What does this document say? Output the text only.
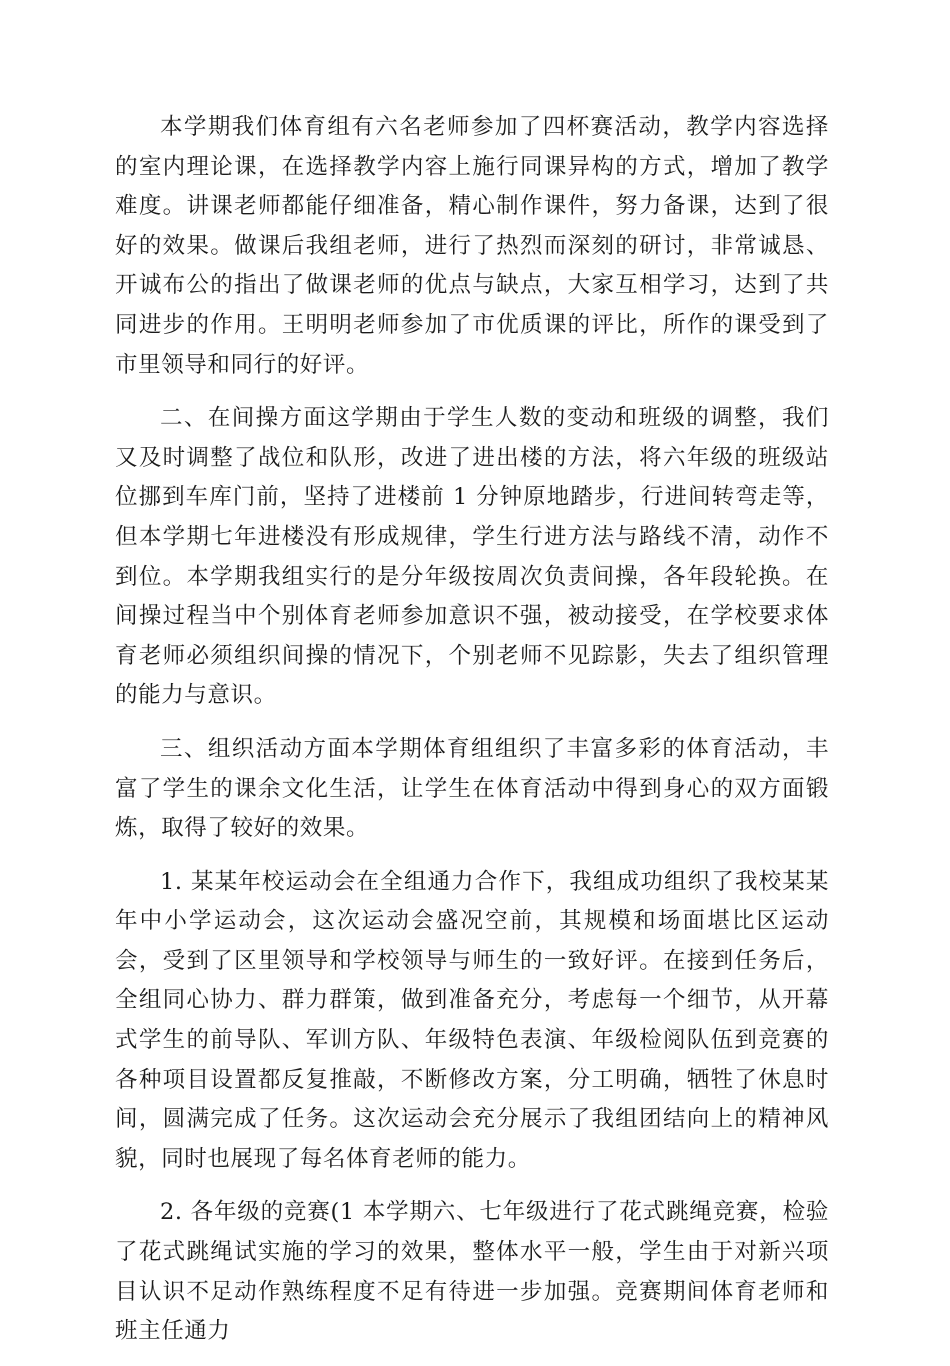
本学期我们体育组有六名老师参加了四杯赛活动，教学内容选择的室内理论课，在选择教学内容上施行同课异构的方式，增加了教学难度。讲课老师都能仔细准备，精心制作课件，努力备课，达到了很好的效果。做课后我组老师，进行了热烈而深刻的研讨，非常诚恳、开诚布公的指出了做课老师的优点与缺点，大家互相学习，达到了共同进步的作用。王明明老师参加了市优质课的评比，所作的课受到了市里领导和同行的好评。

二、在间操方面这学期由于学生人数的变动和班级的调整，我们又及时调整了战位和队形，改进了进出楼的方法，将六年级的班级站位挪到车库门前，坚持了进楼前 1 分钟原地踏步，行进间转弯走等，但本学期七年进楼没有形成规律，学生行进方法与路线不清，动作不到位。本学期我组实行的是分年级按周次负责间操，各年段轮换。在间操过程当中个别体育老师参加意识不强，被动接受，在学校要求体育老师必须组织间操的情况下，个别老师不见踪影，失去了组织管理的能力与意识。

三、组织活动方面本学期体育组组织了丰富多彩的体育活动，丰富了学生的课余文化生活，让学生在体育活动中得到身心的双方面锻炼，取得了较好的效果。

1. 某某年校运动会在全组通力合作下，我组成功组织了我校某某年中小学运动会，这次运动会盛况空前，其规模和场面堪比区运动会，受到了区里领导和学校领导与师生的一致好评。在接到任务后，全组同心协力、群力群策，做到准备充分，考虑每一个细节，从开幕式学生的前导队、军训方队、年级特色表演、年级检阅队伍到竞赛的各种项目设置都反复推敲，不断修改方案，分工明确，牺牲了休息时间，圆满完成了任务。这次运动会充分展示了我组团结向上的精神风貌，同时也展现了每名体育老师的能力。

2. 各年级的竞赛(1 本学期六、七年级进行了花式跳绳竞赛，检验了花式跳绳试实施的学习的效果，整体水平一般，学生由于对新兴项目认识不足动作熟练程度不足有待进一步加强。竞赛期间体育老师和班主任通力
